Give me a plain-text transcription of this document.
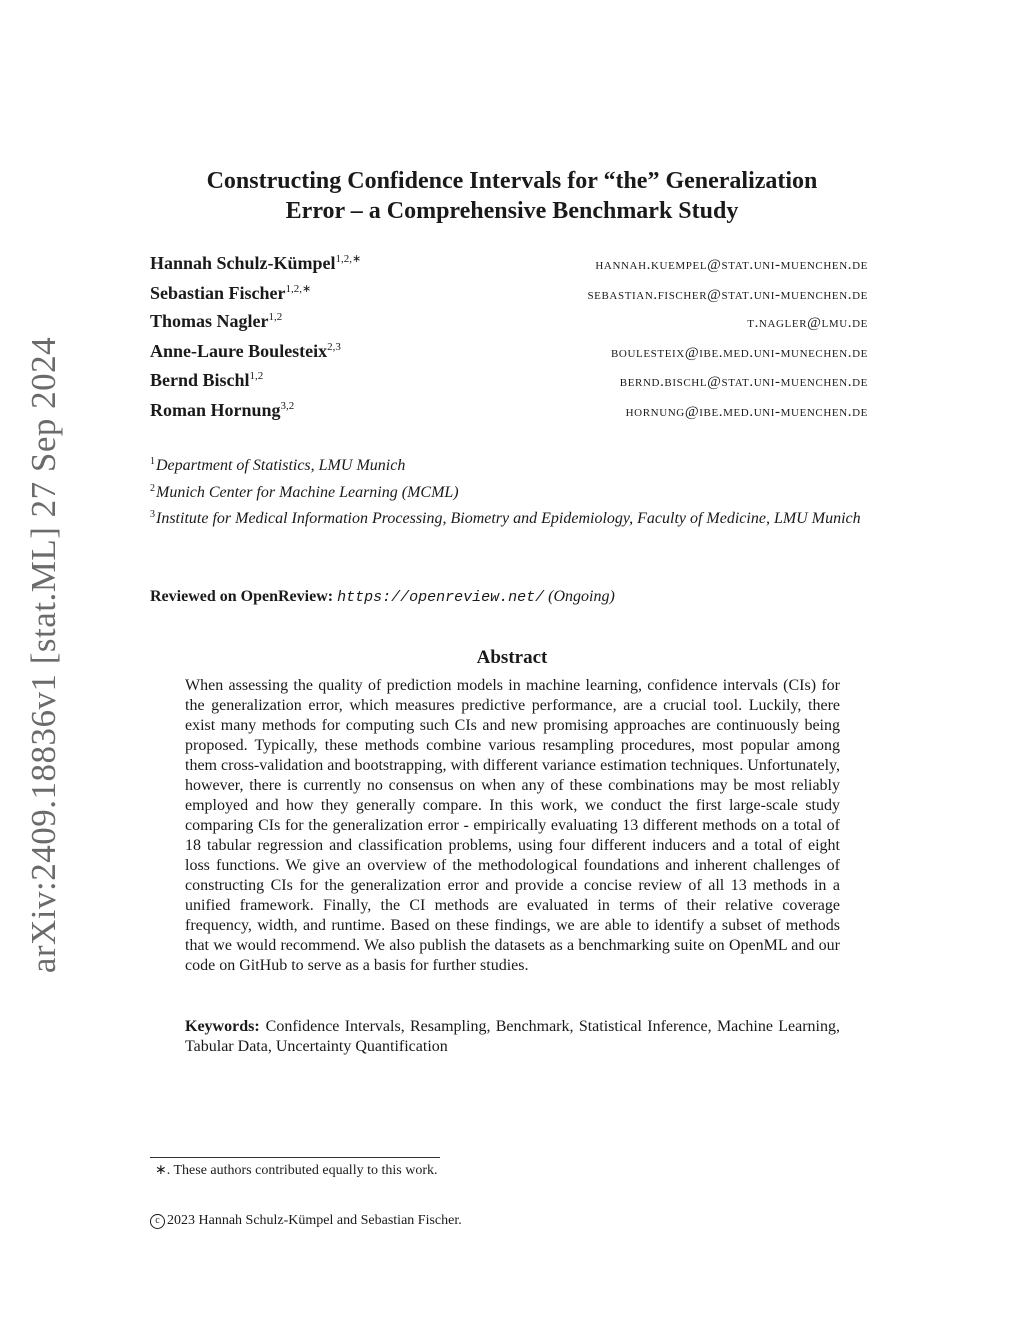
arXiv:2409.18836v1 [stat.ML] 27 Sep 2024
Constructing Confidence Intervals for “the” Generalization
Error – a Comprehensive Benchmark Study
Hannah Schulz-Kümpel$^{1,2,∗}$	hannah.kuempel@stat.uni-muenchen.de
Sebastian Fischer$^{1,2,∗}$	sebastian.fischer@stat.uni-muenchen.de
Thomas Nagler$^{1,2}$	t.nagler@lmu.de
Anne-Laure Boulesteix$^{2,3}$	boulesteix@ibe.med.uni-munechen.de
Bernd Bischl$^{1,2}$	bernd.bischl@stat.uni-muenchen.de
Roman Hornung$^{3,2}$	hornung@ibe.med.uni-muenchen.de
$^1$Department of Statistics, LMU Munich
$^2$Munich Center for Machine Learning (MCML)
$^3$Institute for Medical Information Processing, Biometry and Epidemiology, Faculty of Medicine, LMU Munich
Reviewed on OpenReview: https://openreview.net/ (Ongoing)
Abstract
When assessing the quality of prediction models in machine learning, confidence intervals (CIs) for the generalization error, which measures predictive performance, are a crucial tool. Luckily, there exist many methods for computing such CIs and new promising approaches are continuously being proposed. Typically, these methods combine various resampling procedures, most popular among them cross-validation and bootstrapping, with different variance estimation techniques. Unfortunately, however, there is currently no consensus on when any of these combinations may be most reliably employed and how they generally compare. In this work, we conduct the first large-scale study comparing CIs for the generalization error - empirically evaluating 13 different methods on a total of 18 tabular regression and classification problems, using four different inducers and a total of eight loss functions. We give an overview of the methodological foundations and inherent challenges of constructing CIs for the generalization error and provide a concise review of all 13 methods in a unified framework. Finally, the CI methods are evaluated in terms of their relative coverage frequency, width, and runtime. Based on these findings, we are able to identify a subset of methods that we would recommend. We also publish the datasets as a benchmarking suite on OpenML and our code on GitHub to serve as a basis for further studies.
Keywords: Confidence Intervals, Resampling, Benchmark, Statistical Inference, Machine Learning, Tabular Data, Uncertainty Quantification
∗. These authors contributed equally to this work.
c 2023 Hannah Schulz-Kümpel and Sebastian Fischer.
